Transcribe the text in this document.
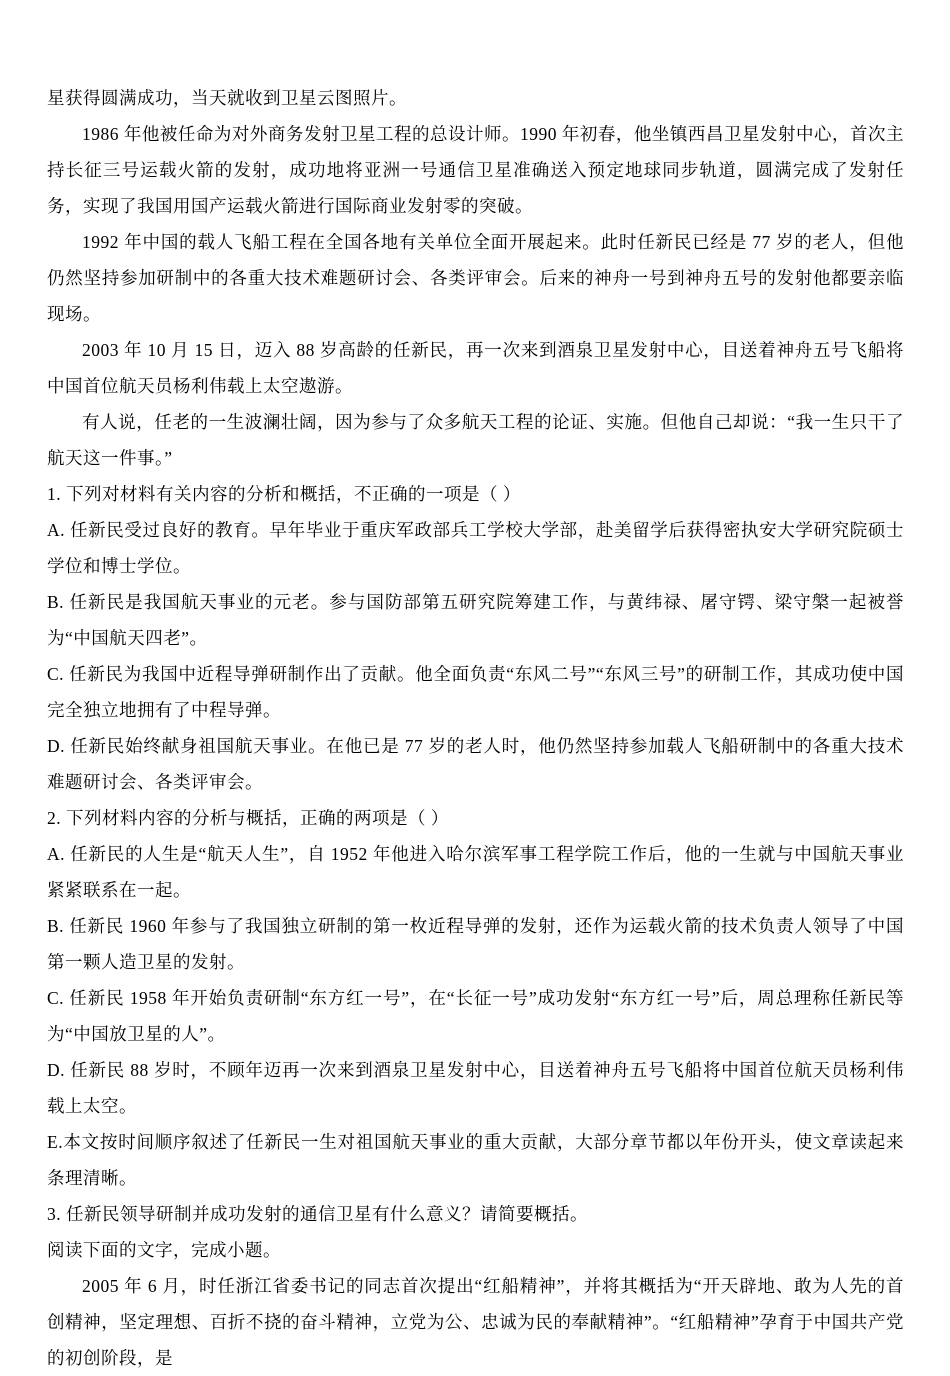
星获得圆满成功，当天就收到卫星云图照片。

1986 年他被任命为对外商务发射卫星工程的总设计师。1990 年初春，他坐镇西昌卫星发射中心，首次主持长征三号运载火箭的发射，成功地将亚洲一号通信卫星准确送入预定地球同步轨道，圆满完成了发射任务，实现了我国用国产运载火箭进行国际商业发射零的突破。

1992 年中国的载人飞船工程在全国各地有关单位全面开展起来。此时任新民已经是 77 岁的老人，但他仍然坚持参加研制中的各重大技术难题研讨会、各类评审会。后来的神舟一号到神舟五号的发射他都要亲临现场。

2003 年 10 月 15 日，迈入 88 岁高龄的任新民，再一次来到酒泉卫星发射中心，目送着神舟五号飞船将中国首位航天员杨利伟载上太空遨游。

有人说，任老的一生波澜壮阔，因为参与了众多航天工程的论证、实施。但他自己却说：“我一生只干了航天这一件事。”

1. 下列对材料有关内容的分析和概括，不正确的一项是（ ）

A. 任新民受过良好的教育。早年毕业于重庆军政部兵工学校大学部，赴美留学后获得密执安大学研究院硕士学位和博士学位。

B. 任新民是我国航天事业的元老。参与国防部第五研究院筹建工作，与黄纬禄、屠守锷、梁守槃一起被誉为“中国航天四老”。

C. 任新民为我国中近程导弹研制作出了贡献。他全面负责“东风二号”“东风三号”的研制工作，其成功使中国完全独立地拥有了中程导弹。

D. 任新民始终献身祖国航天事业。在他已是 77 岁的老人时，他仍然坚持参加载人飞船研制中的各重大技术难题研讨会、各类评审会。

2. 下列材料内容的分析与概括，正确的两项是（ ）

A. 任新民的人生是“航天人生”，自 1952 年他进入哈尔滨军事工程学院工作后，他的一生就与中国航天事业紧紧联系在一起。

B. 任新民 1960 年参与了我国独立研制的第一枚近程导弹的发射，还作为运载火箭的技术负责人领导了中国第一颗人造卫星的发射。

C. 任新民 1958 年开始负责研制“东方红一号”，在“长征一号”成功发射“东方红一号”后，周总理称任新民等为“中国放卫星的人”。

D. 任新民 88 岁时，不顾年迈再一次来到酒泉卫星发射中心，目送着神舟五号飞船将中国首位航天员杨利伟载上太空。

E.本文按时间顺序叙述了任新民一生对祖国航天事业的重大贡献，大部分章节都以年份开头，使文章读起来条理清晰。

3. 任新民领导研制并成功发射的通信卫星有什么意义？请简要概括。

阅读下面的文字，完成小题。

2005 年 6 月，时任浙江省委书记的同志首次提出“红船精神”，并将其概括为“开天辟地、敢为人先的首创精神，坚定理想、百折不挠的奋斗精神，立党为公、忠诚为民的奉献精神”。“红船精神”孕育于中国共产党的初创阶段，是
